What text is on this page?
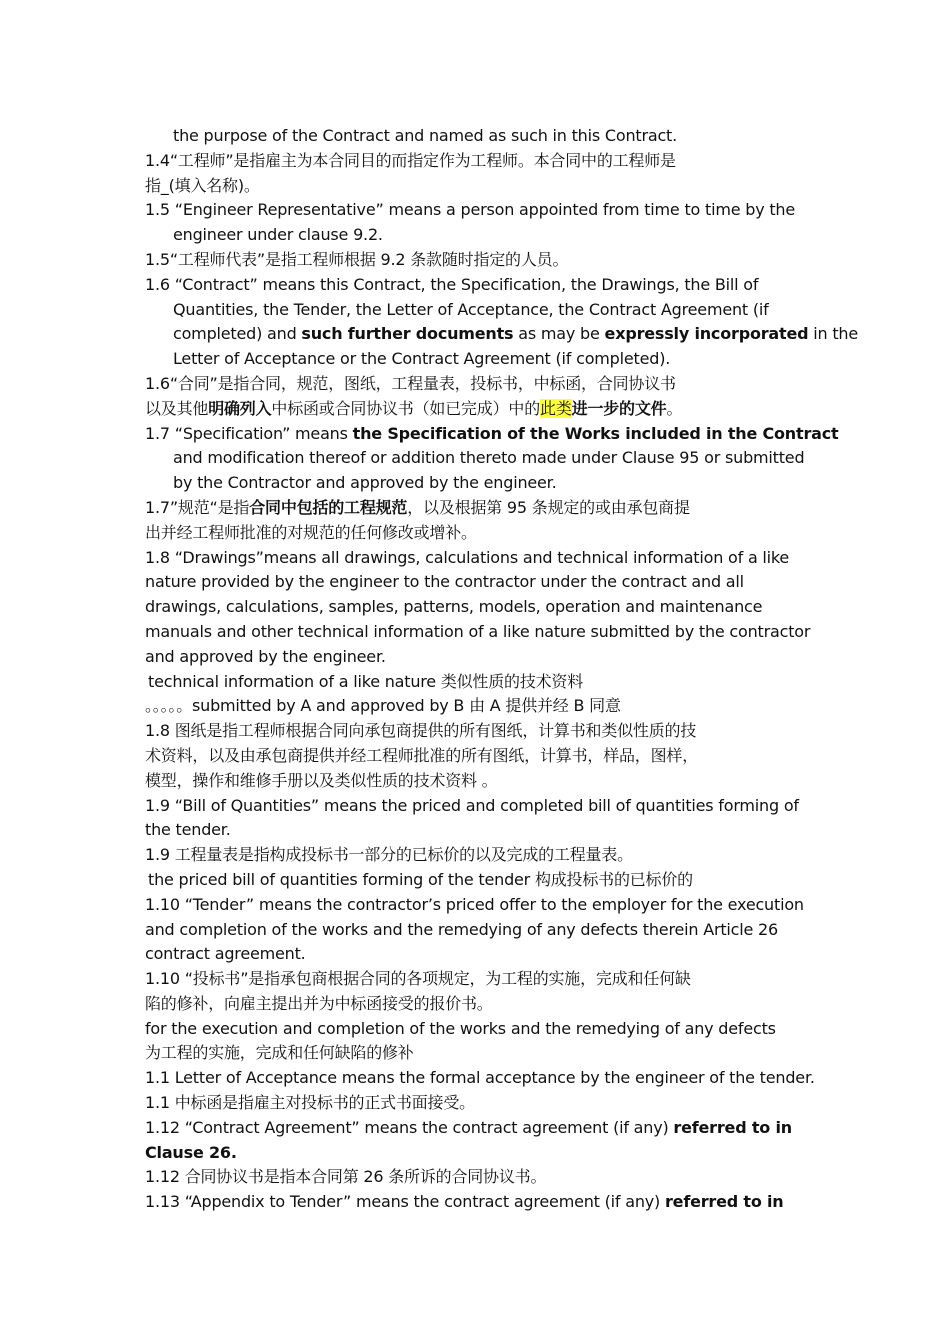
the purpose of the Contract and named as such in this Contract.
1.4“工程师”是指雇主为本合同目的而指定作为工程师。本合同中的工程师是
指_(填入名称)。
1.5 “Engineer Representative” means a person appointed from time to time by the
engineer under clause 9.2.
1.5“工程师代表”是指工程师根据 9.2 条款随时指定的人员。
1.6 “Contract” means this Contract, the Specification, the Drawings, the Bill of
Quantities, the Tender, the Letter of Acceptance, the Contract Agreement (if
completed) and such further documents as may be expressly incorporated in the
Letter of Acceptance or the Contract Agreement (if completed).
1.6“合同”是指合同，规范，图纸，工程量表，投标书，中标函，合同协议书
以及其他明确列入中标函或合同协议书（如已完成）中的此类进一步的文件。
1.7 “Specification” means the Specification of the Works included in the Contract
and modification thereof or addition thereto made under Clause 95 or submitted
by the Contractor and approved by the engineer.
1.7”规范“是指合同中包括的工程规范，以及根据第 95 条规定的或由承包商提
出并经工程师批准的对规范的任何修改或增补。
1.8 “Drawings”means all drawings, calculations and technical information of a like
nature provided by the engineer to the contractor under the contract and all
drawings, calculations, samples, patterns, models, operation and maintenance
manuals and other technical information of a like nature submitted by the contractor
and approved by the engineer.
technical information of a like nature 类似性质的技术资料
。。。。。submitted by A and approved by B 由 A 提供并经 B 同意
1.8 图纸是指工程师根据合同向承包商提供的所有图纸，计算书和类似性质的技
术资料，以及由承包商提供并经工程师批准的所有图纸，计算书，样品，图样，
模型，操作和维修手册以及类似性质的技术资料 。
1.9 “Bill of Quantities” means the priced and completed bill of quantities forming of
the tender.
1.9 工程量表是指构成投标书一部分的已标价的以及完成的工程量表。
the priced bill of quantities forming of the tender 构成投标书的已标价的
1.10 “Tender” means the contractor’s priced offer to the employer for the execution
and completion of the works and the remedying of any defects therein Article 26
contract agreement.
1.10 “投标书”是指承包商根据合同的各项规定，为工程的实施，完成和任何缺
陷的修补，向雇主提出并为中标函接受的报价书。
for the execution and completion of the works and the remedying of any defects
为工程的实施，完成和任何缺陷的修补
1.1 Letter of Acceptance means the formal acceptance by the engineer of the tender.
1.1 中标函是指雇主对投标书的正式书面接受。
1.12 “Contract Agreement” means the contract agreement (if any) referred to in
Clause 26.
1.12 合同协议书是指本合同第 26 条所诉的合同协议书。
1.13 “Appendix to Tender” means the contract agreement (if any) referred to in
